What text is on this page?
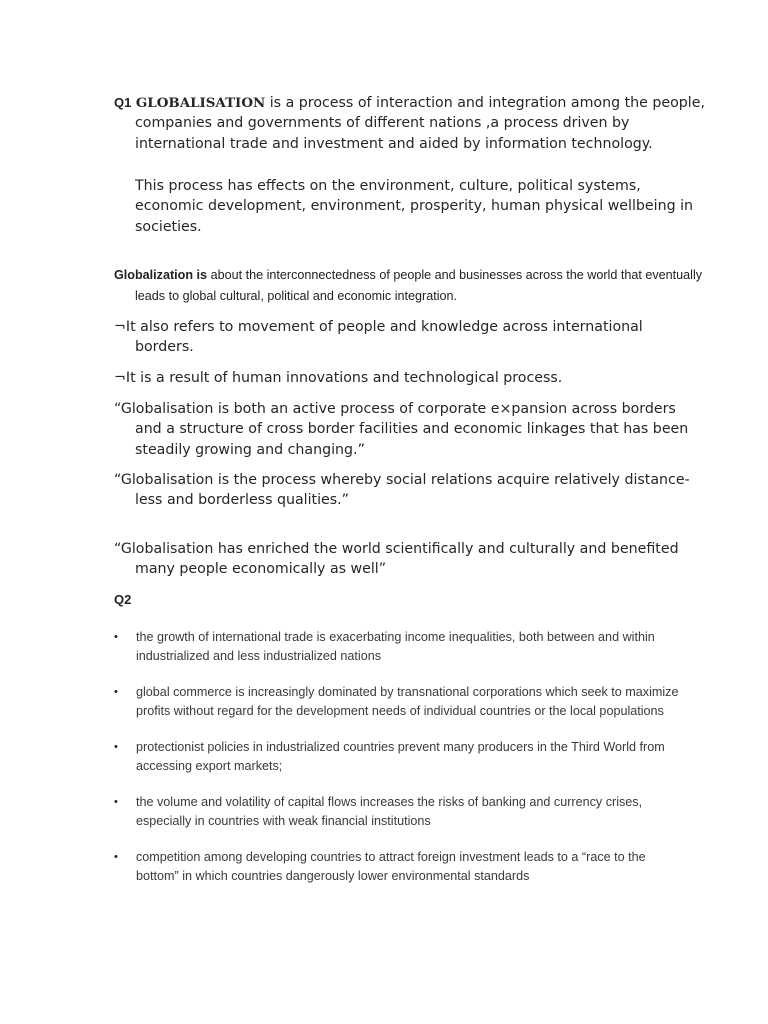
Q1 GLOBALISATION is a process of interaction and integration among the people, companies and governments of different nations ,a process driven by international trade and investment and aided by information technology.

This process has effects on the environment, culture, political systems, economic development, environment, prosperity, human physical wellbeing in societies.

Globalization is about the interconnectedness of people and businesses across the world that eventually leads to global cultural, political and economic integration.

¬It also refers to movement of people and knowledge across international borders.

¬It is a result of human innovations and technological process.

“Globalisation is both an active process of corporate e×pansion across borders and a structure of cross border facilities and economic linkages that has been steadily growing and changing.”

“Globalisation is the process whereby social relations acquire relatively distance-less and borderless qualities.”

“Globalisation has enriched the world scientifically and culturally and benefited many people economically as well”

Q2

• the growth of international trade is exacerbating income inequalities, both between and within industrialized and less industrialized nations
• global commerce is increasingly dominated by transnational corporations which seek to maximize profits without regard for the development needs of individual countries or the local populations
• protectionist policies in industrialized countries prevent many producers in the Third World from accessing export markets;
• the volume and volatility of capital flows increases the risks of banking and currency crises, especially in countries with weak financial institutions
• competition among developing countries to attract foreign investment leads to a “race to the bottom” in which countries dangerously lower environmental standards
